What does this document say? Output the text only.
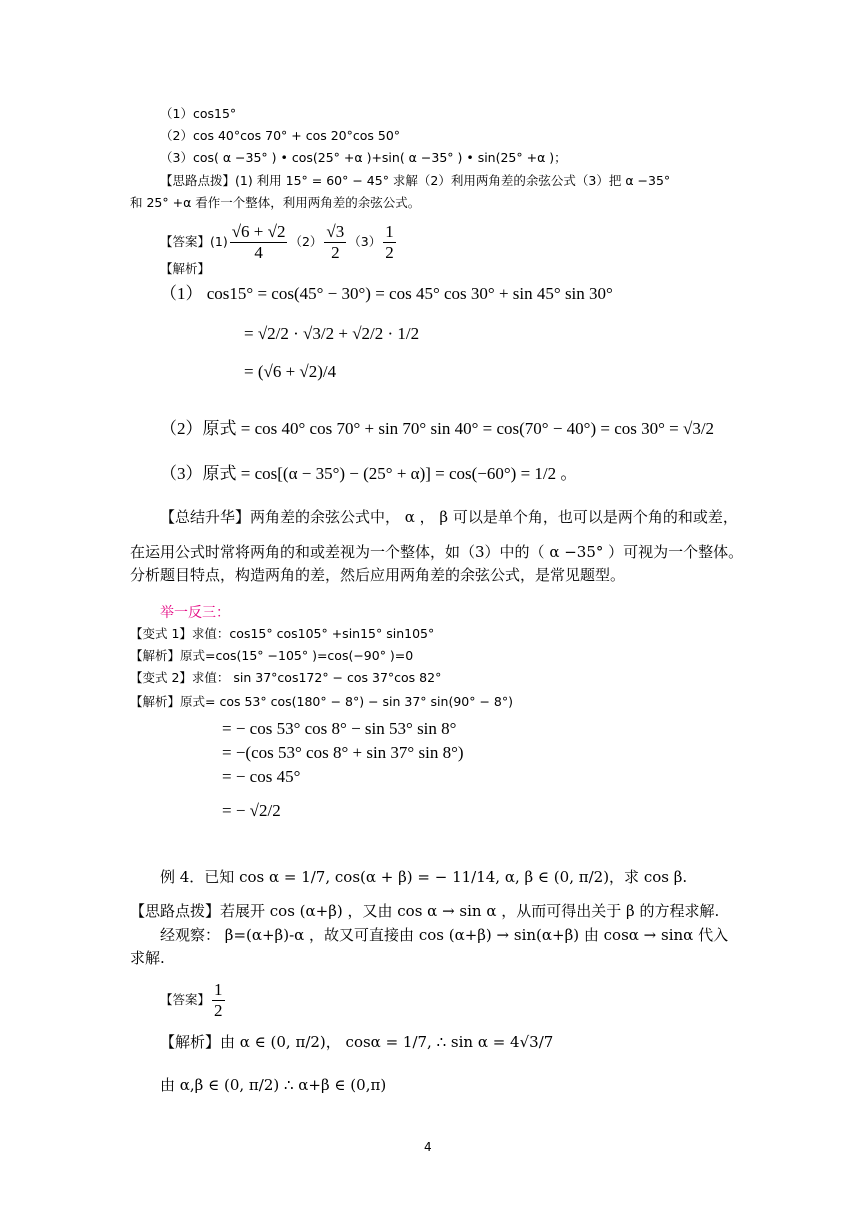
（1）cos15°
（2）cos 40°cos 70° + cos 20°cos 50°
（3）cos( α −35° ) • cos(25° +α )+sin( α −35° ) • sin(25° +α )；
【思路点拨】(1) 利用 15° = 60° − 45° 求解（2）利用两角差的余弦公式（3）把 α −35°
和 25° +α 看作一个整体，利用两角差的余弦公式。
【答案】$(1) \frac{√6 + √2}{4} (2) \frac{√3}{2} (3) \frac{1}{2}$
【解析】
（1） cos15° = cos(45° − 30°) = cos 45° cos 30° + sin 45° sin 30°
= √2/2 · √3/2 + √2/2 · 1/2
= (√6 + √2)/4
（2）原式 = cos 40° cos 70° + sin 70° sin 40° = cos(70° − 40°) = cos 30° = √3/2
（3）原式 = cos[(α − 35°) − (25° + α)] = cos(−60°) = 1/2 。
【总结升华】两角差的余弦公式中， α ， β 可以是单个角，也可以是两个角的和或差，
在运用公式时常将两角的和或差视为一个整体，如（3）中的（ α −35° ）可视为一个整体。
分析题目特点，构造两角的差，然后应用两角差的余弦公式，是常见题型。
举一反三：
【变式 1】求值：cos15° cos105° +sin15° sin105°
【解析】原式=cos(15° −105° )=cos(−90° )=0
【变式 2】求值： sin 37°cos172° − cos 37°cos 82°
【解析】原式= cos 53° cos(180° − 8°) − sin 37° sin(90° − 8°)
= − cos 53° cos 8° − sin 53° sin 8°
= −(cos 53° cos 8° + sin 37° sin 8°)
= − cos 45°
= − √2/2
例 4．已知 cos α = 1/7, cos(α + β) = − 11/14, α, β ∈ (0, π/2)，求 cos β.
【思路点拨】若展开 cos (α+β) ，又由 cos α → sin α ，从而可得出关于 β 的方程求解.
经观察： β=(α+β)-α ，故又可直接由 cos (α+β) → sin(α+β) 由 cosα → sinα 代入
求解.
【答案】 $\frac{1}{2}$
【解析】由 α ∈ (0, π/2)， cosα = 1/7, ∴ sin α = 4√3/7
由 α,β ∈ (0, π/2) ∴ α+β ∈ (0,π)
4
